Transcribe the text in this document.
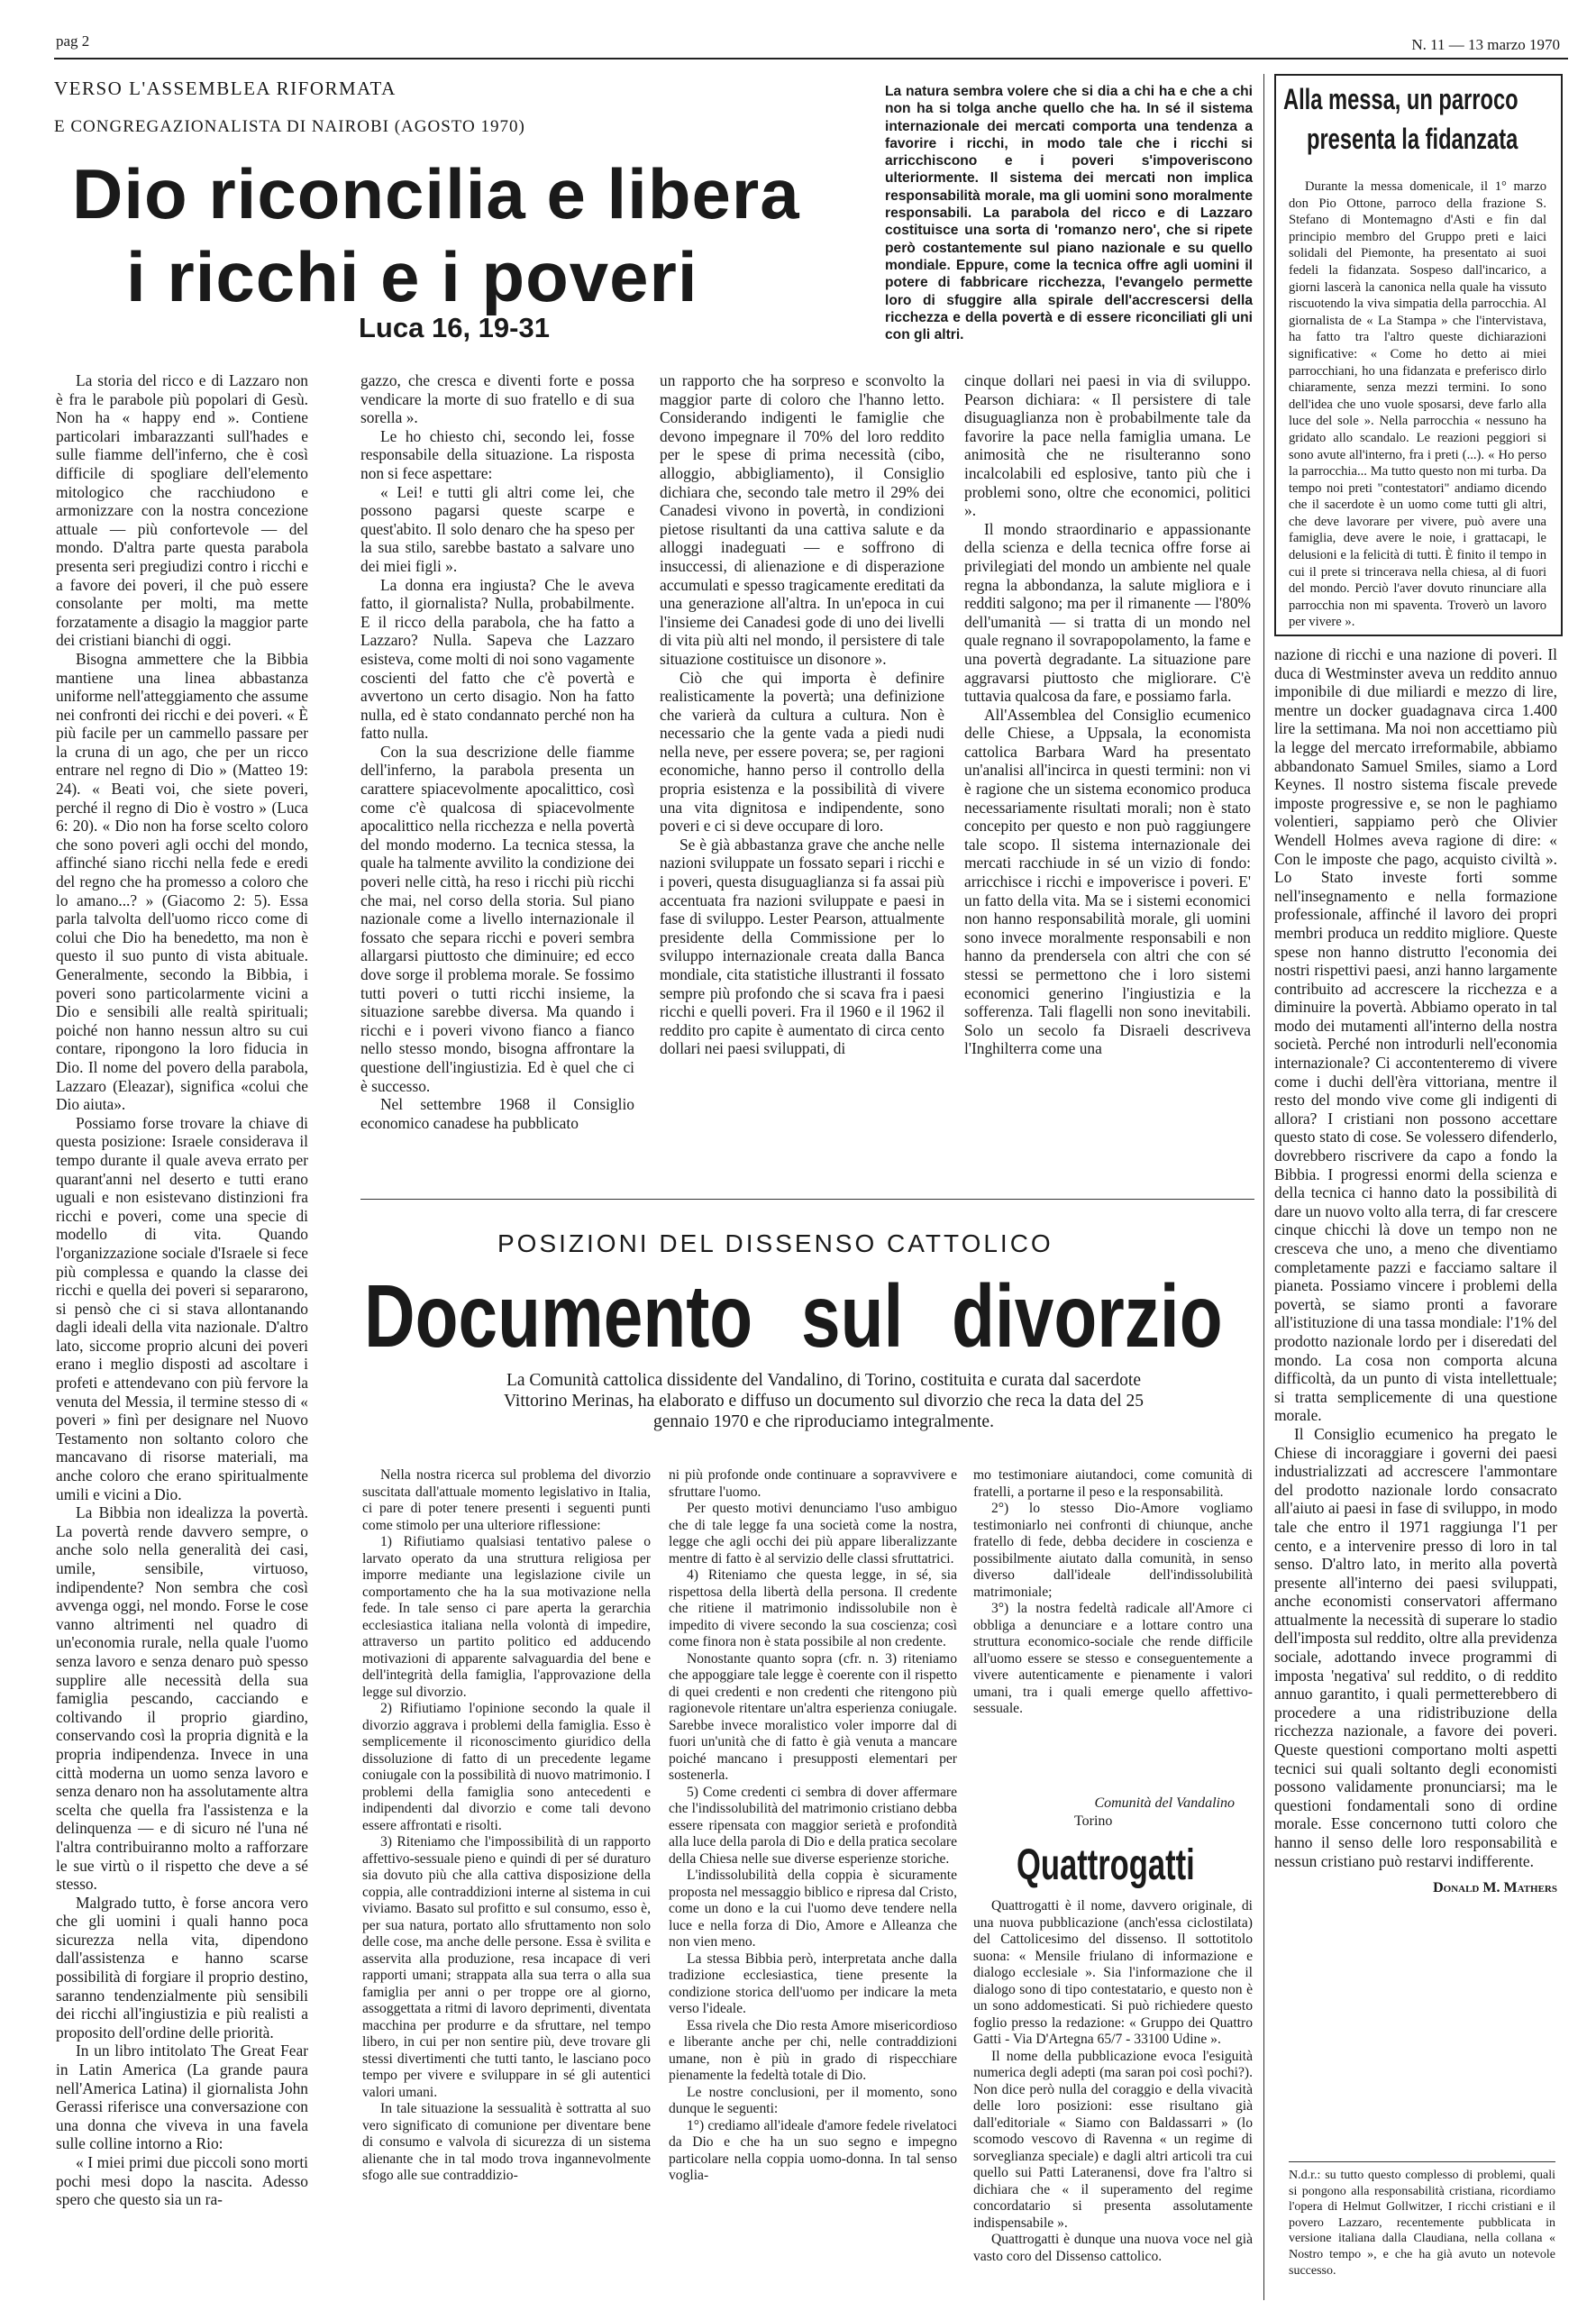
pag 2	N. 11 — 13 marzo 1970
VERSO L'ASSEMBLEA RIFORMATA
E CONGREGAZIONALISTA DI NAIROBI (AGOSTO 1970)
Dio riconcilia e libera
i ricchi e i poveri
Luca 16, 19-31
La natura sembra volere che si dia a chi ha e che a chi non ha si tolga anche quello che ha. In sé il sistema internazionale dei mercati comporta una tendenza a favorire i ricchi, in modo tale che i ricchi si arricchiscono e i poveri s'impoveriscono ulteriormente. Il sistema dei mercati non implica responsabilità morale, ma gli uomini sono moralmente responsabili. La parabola del ricco e di Lazzaro costituisce una sorta di 'romanzo nero', che si ripete però costantemente sul piano nazionale e su quello mondiale. Eppure, come la tecnica offre agli uomini il potere di fabbricare ricchezza, l'evangelo permette loro di sfuggire alla spirale dell'accrescersi della ricchezza e della povertà e di essere riconciliati gli uni con gli altri.
Alla messa, un parroco
presenta la fidanzata
Durante la messa domenicale, il 1° marzo don Pio Ottone, parroco della frazione S. Stefano di Montemagno d'Asti e fin dal principio membro del Gruppo preti e laici solidali del Piemonte, ha presentato ai suoi fedeli la fidanzata. Sospeso dall'incarico, a giorni lascerà la canonica nella quale ha vissuto riscuotendo la viva simpatia della parrocchia. Al giornalista de « La Stampa » che l'intervistava, ha fatto tra l'altro queste dichiarazioni significative: « Come ho detto ai miei parrocchiani, ho una fidanzata e preferisco dirlo chiaramente, senza mezzi termini. Io sono dell'idea che uno vuole sposarsi, deve farlo alla luce del sole ». Nella parrocchia « nessuno ha gridato allo scandalo. Le reazioni peggiori si sono avute all'interno, fra i preti (...). « Ho perso la parrocchia... Ma tutto questo non mi turba. Da tempo noi preti "contestatori" andiamo dicendo che il sacerdote è un uomo come tutti gli altri, che deve lavorare per vivere, può avere una famiglia, deve avere le noie, i grattacapi, le delusioni e la felicità di tutti. È finito il tempo in cui il prete si trincerava nella chiesa, al di fuori del mondo. Perciò l'aver dovuto rinunciare alla parrocchia non mi spaventa. Troverò un lavoro per vivere ».

La storia del ricco e di Lazzaro non è fra le parabole più popolari di Gesù. Non ha « happy end ». Contiene particolari imbarazzanti sull'hades e sulle fiamme dell'inferno, che è così difficile di spogliare dell'elemento mitologico che racchiudono e armonizzare con la nostra concezione attuale — più confortevole — del mondo. D'altra parte questa parabola presenta seri pregiudizi contro i ricchi e a favore dei poveri, il che può essere consolante per molti, ma mette forzatamente a disagio la maggior parte dei cristiani bianchi di oggi.

Bisogna ammettere che la Bibbia mantiene una linea abbastanza uniforme nell'atteggiamento che assume nei confronti dei ricchi e dei poveri. « È più facile per un cammello passare per la cruna di un ago, che per un ricco entrare nel regno di Dio » (Matteo 19: 24). « Beati voi, che siete poveri, perché il regno di Dio è vostro » (Luca 6: 20). « Dio non ha forse scelto coloro che sono poveri agli occhi del mondo, affinché siano ricchi nella fede e eredi del regno che ha promesso a coloro che lo amano...? » (Giacomo 2: 5). Essa parla talvolta dell'uomo ricco come di colui che Dio ha benedetto, ma non è questo il suo punto di vista abituale. Generalmente, secondo la Bibbia, i poveri sono particolarmente vicini a Dio e sensibili alle realtà spirituali; poiché non hanno nessun altro su cui contare, ripongono la loro fiducia in Dio. Il nome del povero della parabola, Lazzaro (Eleazar), significa «colui che Dio aiuta».

Possiamo forse trovare la chiave di questa posizione: Israele considerava il tempo durante il quale aveva errato per quarant'anni nel deserto e tutti erano uguali e non esistevano distinzioni fra ricchi e poveri, come una specie di modello di vita. Quando l'organizzazione sociale d'Israele si fece più complessa e quando la classe dei ricchi e quella dei poveri si separarono, si pensò che ci si stava allontanando dagli ideali della vita nazionale. D'altro lato, siccome proprio alcuni dei poveri erano i meglio disposti ad ascoltare i profeti e attendevano con più fervore la venuta del Messia, il termine stesso di « poveri » finì per designare nel Nuovo Testamento non soltanto coloro che mancavano di risorse materiali, ma anche coloro che erano spiritualmente umili e vicini a Dio.

La Bibbia non idealizza la povertà. La povertà rende davvero sempre, o anche solo nella generalità dei casi, umile, sensibile, virtuoso, indipendente? Non sembra che così avvenga oggi, nel mondo. Forse le cose vanno altrimenti nel quadro di un'economia rurale, nella quale l'uomo senza lavoro e senza denaro può spesso supplire alle necessità della sua famiglia pescando, cacciando e coltivando il proprio giardino, conservando così la propria dignità e la propria indipendenza. Invece in una città moderna un uomo senza lavoro e senza denaro non ha assolutamente altra scelta che quella fra l'assistenza e la delinquenza — e di sicuro né l'una né l'altra contribuiranno molto a rafforzare le sue virtù o il rispetto che deve a sé stesso.

Malgrado tutto, è forse ancora vero che gli uomini i quali hanno poca sicurezza nella vita, dipendono dall'assistenza e hanno scarse possibilità di forgiare il proprio destino, saranno tendenzialmente più sensibili dei ricchi all'ingiustizia e più realisti a proposito dell'ordine delle priorità.

In un libro intitolato The Great Fear in Latin America (La grande paura nell'America Latina) il giornalista John Gerassi riferisce una conversazione con una donna che viveva in una favela sulle colline intorno a Rio:

« I miei primi due piccoli sono morti pochi mesi dopo la nascita. Adesso spero che questo sia un ra-

gazzo, che cresca e diventi forte e possa vendicare la morte di suo fratello e di sua sorella ».

Le ho chiesto chi, secondo lei, fosse responsabile della situazione. La risposta non si fece aspettare:

« Lei! e tutti gli altri come lei, che possono pagarsi queste scarpe e quest'abito. Il solo denaro che ha speso per la sua stilo, sarebbe bastato a salvare uno dei miei figli ».

La donna era ingiusta? Che le aveva fatto, il giornalista? Nulla, probabilmente. E il ricco della parabola, che ha fatto a Lazzaro? Nulla. Sapeva che Lazzaro esisteva, come molti di noi sono vagamente coscienti del fatto che c'è povertà e avvertono un certo disagio. Non ha fatto nulla, ed è stato condannato perché non ha fatto nulla.

Con la sua descrizione delle fiamme dell'inferno, la parabola presenta un carattere spiacevolmente apocalittico, così come c'è qualcosa di spiacevolmente apocalittico nella ricchezza e nella povertà del mondo moderno. La tecnica stessa, la quale ha talmente avvilito la condizione dei poveri nelle città, ha reso i ricchi più ricchi che mai, nel corso della storia. Sul piano nazionale come a livello internazionale il fossato che separa ricchi e poveri sembra allargarsi piuttosto che diminuire; ed ecco dove sorge il problema morale. Se fossimo tutti poveri o tutti ricchi insieme, la situazione sarebbe diversa. Ma quando i ricchi e i poveri vivono fianco a fianco nello stesso mondo, bisogna affrontare la questione dell'ingiustizia. Ed è quel che ci è successo.

Nel settembre 1968 il Consiglio economico canadese ha pubblicato

un rapporto che ha sorpreso e sconvolto la maggior parte di coloro che l'hanno letto. Considerando indigenti le famiglie che devono impegnare il 70% del loro reddito per le spese di prima necessità (cibo, alloggio, abbigliamento), il Consiglio dichiara che, secondo tale metro il 29% dei Canadesi vivono in povertà, in condizioni pietose risultanti da una cattiva salute e da alloggi inadeguati — e soffrono di insuccessi, di alienazione e di disperazione accumulati e spesso tragicamente ereditati da una generazione all'altra. In un'epoca in cui l'insieme dei Canadesi gode di uno dei livelli di vita più alti nel mondo, il persistere di tale situazione costituisce un disonore ».

Ciò che qui importa è definire realisticamente la povertà; una definizione che varierà da cultura a cultura. Non è necessario che la gente vada a piedi nudi nella neve, per essere povera; se, per ragioni economiche, hanno perso il controllo della propria esistenza e la possibilità di vivere una vita dignitosa e indipendente, sono poveri e ci si deve occupare di loro.

Se è già abbastanza grave che anche nelle nazioni sviluppate un fossato separi i ricchi e i poveri, questa disuguaglianza si fa assai più accentuata fra nazioni sviluppate e paesi in fase di sviluppo. Lester Pearson, attualmente presidente della Commissione per lo sviluppo internazionale creata dalla Banca mondiale, cita statistiche illustranti il fossato sempre più profondo che si scava fra i paesi ricchi e quelli poveri. Fra il 1960 e il 1962 il reddito pro capite è aumentato di circa cento dollari nei paesi sviluppati, di

cinque dollari nei paesi in via di sviluppo. Pearson dichiara: « Il persistere di tale disuguaglianza non è probabilmente tale da favorire la pace nella famiglia umana. Le animosità che ne risulteranno sono incalcolabili ed esplosive, tanto più che i problemi sono, oltre che economici, politici ».

Il mondo straordinario e appassionante della scienza e della tecnica offre forse ai privilegiati del mondo un ambiente nel quale regna la abbondanza, la salute migliora e i redditi salgono; ma per il rimanente — l'80% dell'umanità — si tratta di un mondo nel quale regnano il sovrapopolamento, la fame e una povertà degradante. La situazione pare aggravarsi piuttosto che migliorare. C'è tuttavia qualcosa da fare, e possiamo farla.

All'Assemblea del Consiglio ecumenico delle Chiese, a Uppsala, la economista cattolica Barbara Ward ha presentato un'analisi all'incirca in questi termini: non vi è ragione che un sistema economico produca necessariamente risultati morali; non è stato concepito per questo e non può raggiungere tale scopo. Il sistema internazionale dei mercati racchiude in sé un vizio di fondo: arricchisce i ricchi e impoverisce i poveri. E' un fatto della vita. Ma se i sistemi economici non hanno responsabilità morale, gli uomini sono invece moralmente responsabili e non hanno da prendersela con altri che con sé stessi se permettono che i loro sistemi economici generino l'ingiustizia e la sofferenza. Tali flagelli non sono inevitabili. Solo un secolo fa Disraeli descriveva l'Inghilterra come una

nazione di ricchi e una nazione di poveri. Il duca di Westminster aveva un reddito annuo imponibile di due miliardi e mezzo di lire, mentre un docker guadagnava circa 1.400 lire la settimana. Ma noi non accettiamo più la legge del mercato irreformabile, abbiamo abbandonato Samuel Smiles, siamo a Lord Keynes. Il nostro sistema fiscale prevede imposte progressive e, se non le paghiamo volentieri, sappiamo però che Olivier Wendell Holmes aveva ragione di dire: « Con le imposte che pago, acquisto civiltà ». Lo Stato investe forti somme nell'insegnamento e nella formazione professionale, affinché il lavoro dei propri membri produca un reddito migliore. Queste spese non hanno distrutto l'economia dei nostri rispettivi paesi, anzi hanno largamente contribuito ad accrescere la ricchezza e a diminuire la povertà. Abbiamo operato in tal modo dei mutamenti all'interno della nostra società. Perché non introdurli nell'economia internazionale? Ci accontenteremo di vivere come i duchi dell'èra vittoriana, mentre il resto del mondo vive come gli indigenti di allora? I cristiani non possono accettare questo stato di cose. Se volessero difenderlo, dovrebbero riscrivere da capo a fondo la Bibbia. I progressi enormi della scienza e della tecnica ci hanno dato la possibilità di dare un nuovo volto alla terra, di far crescere cinque chicchi là dove un tempo non ne cresceva che uno, a meno che diventiamo completamente pazzi e facciamo saltare il pianeta. Possiamo vincere i problemi della povertà, se siamo pronti a favorare all'istituzione di una tassa mondiale: l'1% del prodotto nazionale lordo per i diseredati del mondo. La cosa non comporta alcuna difficoltà, da un punto di vista intellettuale; si tratta semplicemente di una questione morale.

Il Consiglio ecumenico ha pregato le Chiese di incoraggiare i governi dei paesi industrializzati ad accrescere l'ammontare del prodotto nazionale lordo consacrato all'aiuto ai paesi in fase di sviluppo, in modo tale che entro il 1971 raggiunga l'1 per cento, e a intervenire presso di loro in tal senso. D'altro lato, in merito alla povertà presente all'interno dei paesi sviluppati, anche economisti conservatori affermano attualmente la necessità di superare lo stadio dell'imposta sul reddito, oltre alla previdenza sociale, adottando invece programmi di imposta 'negativa' sul reddito, o di reddito annuo garantito, i quali permetterebbero di procedere a una ridistribuzione della ricchezza nazionale, a favore dei poveri. Queste questioni comportano molti aspetti tecnici sui quali soltanto degli economisti possono validamente pronunciarsi; ma le questioni fondamentali sono di ordine morale. Esse concernono tutti coloro che hanno il senso delle loro responsabilità e nessun cristiano può restarvi indifferente.

Donald M. Mathers
N.d.r.: su tutto questo complesso di problemi, quali si pongono alla responsabilità cristiana, ricordiamo l'opera di Helmut Gollwitzer, I ricchi cristiani e il povero Lazzaro, recentemente pubblicata in versione italiana dalla Claudiana, nella collana « Nostro tempo », e che ha già avuto un notevole successo.
POSIZIONI DEL DISSENSO CATTOLICO
Documento sul divorzio
La Comunità cattolica dissidente del Vandalino, di Torino, costituita e curata dal sacerdote Vittorino Merinas, ha elaborato e diffuso un documento sul divorzio che reca la data del 25 gennaio 1970 e che riproduciamo integralmente.

Nella nostra ricerca sul problema del divorzio suscitata dall'attuale momento legislativo in Italia, ci pare di poter tenere presenti i seguenti punti come stimolo per una ulteriore riflessione:

1) Rifiutiamo qualsiasi tentativo palese o larvato operato da una struttura religiosa per imporre mediante una legislazione civile un comportamento che ha la sua motivazione nella fede. In tale senso ci pare aperta la gerarchia ecclesiastica italiana nella volontà di impedire, attraverso un partito politico ed adducendo motivazioni di apparente salvaguardia del bene e dell'integrità della famiglia, l'approvazione della legge sul divorzio.

2) Rifiutiamo l'opinione secondo la quale il divorzio aggrava i problemi della famiglia. Esso è semplicemente il riconoscimento giuridico della dissoluzione di fatto di un precedente legame coniugale con la possibilità di nuovo matrimonio. I problemi della famiglia sono antecedenti e indipendenti dal divorzio e come tali devono essere affrontati e risolti.

3) Riteniamo che l'impossibilità di un rapporto affettivo-sessuale pieno e quindi di per sé duraturo sia dovuto più che alla cattiva disposizione della coppia, alle contraddizioni interne al sistema in cui viviamo. Basato sul profitto e sul consumo, esso è, per sua natura, portato allo sfruttamento non solo delle cose, ma anche delle persone. Essa è svilita e asservita alla produzione, resa incapace di veri rapporti umani; strappata alla sua terra o alla sua famiglia per anni o per troppe ore al giorno, assoggettata a ritmi di lavoro deprimenti, diventata macchina per produrre e da sfruttare, nel tempo libero, in cui per non sentire più, deve trovare gli stessi divertimenti che tutti tanto, le lasciano poco tempo per vivere e sviluppare in sé gli autentici valori umani.

In tale situazione la sessualità è sottratta al suo vero significato di comunione per diventare bene di consumo e valvola di sicurezza di un sistema alienante che in tal modo trova ingannevolmente sfogo alle sue contraddizio-

ni più profonde onde continuare a sopravvivere e sfruttare l'uomo.

Per questo motivi denunciamo l'uso ambiguo che di tale legge fa una società come la nostra, legge che agli occhi dei più appare liberalizzante mentre di fatto è al servizio delle classi sfruttatrici.

4) Riteniamo che questa legge, in sé, sia rispettosa della libertà della persona. Il credente che ritiene il matrimonio indissolubile non è impedito di vivere secondo la sua coscienza; così come finora non è stata possibile al non credente.

Nonostante quanto sopra (cfr. n. 3) riteniamo che appoggiare tale legge è coerente con il rispetto di quei credenti e non credenti che ritengono più ragionevole ritentare un'altra esperienza coniugale. Sarebbe invece moralistico voler imporre dal di fuori un'unità che di fatto è già venuta a mancare poiché mancano i presupposti elementari per sostenerla.

5) Come credenti ci sembra di dover affermare che l'indissolubilità del matrimonio cristiano debba essere ripensata con maggior serietà e profondità alla luce della parola di Dio e della pratica secolare della Chiesa nelle sue diverse esperienze storiche.

L'indissolubilità della coppia è sicuramente proposta nel messaggio biblico e ripresa dal Cristo, come un dono e la cui l'uomo deve tendere nella luce e nella forza di Dio, Amore e Alleanza che non vien meno.

La stessa Bibbia però, interpretata anche dalla tradizione ecclesiastica, tiene presente la condizione storica dell'uomo per indicare la meta verso l'ideale.

Essa rivela che Dio resta Amore misericordioso e liberante anche per chi, nelle contraddizioni umane, non è più in grado di rispecchiare pienamente la fedeltà totale di Dio.

Le nostre conclusioni, per il momento, sono dunque le seguenti:

1°) crediamo all'ideale d'amore fedele rivelatoci da Dio e che ha un suo segno e impegno particolare nella coppia uomo-donna. In tal senso voglia-

mo testimoniare aiutandoci, come comunità di fratelli, a portarne il peso e la responsabilità.

2°) lo stesso Dio-Amore vogliamo testimoniarlo nei confronti di chiunque, anche fratello di fede, debba decidere in coscienza e possibilmente aiutato dalla comunità, in senso diverso dall'ideale dell'indissolubilità matrimoniale;

3°) la nostra fedeltà radicale all'Amore ci obbliga a denunciare e a lottare contro una struttura economico-sociale che rende difficile all'uomo essere se stesso e conseguentemente a vivere autenticamente e pienamente i valori umani, tra i quali emerge quello affettivo-sessuale.

Comunità del Vandalino
Torino
Quattrogatti

Quattrogatti è il nome, davvero originale, di una nuova pubblicazione (anch'essa ciclostilata) del Cattolicesimo del dissenso. Il sottotitolo suona: « Mensile friulano di informazione e dialogo ecclesiale ». Sia l'informazione che il dialogo sono di tipo contestatario, e questo non è un sono addomesticati. Si può richiedere questo foglio presso la redazione: « Gruppo dei Quattro Gatti - Via D'Artegna 65/7 - 33100 Udine ».

Il nome della pubblicazione evoca l'esiguità numerica degli adepti (ma saran poi così pochi?). Non dice però nulla del coraggio e della vivacità delle loro posizioni: esse risultano già dall'editoriale « Siamo con Baldassarri » (lo scomodo vescovo di Ravenna « un regime di sorveglianza speciale) e dagli altri articoli tra cui quello sui Patti Lateranensi, dove fra l'altro si dichiara che « il superamento del regime concordatario si presenta assolutamente indispensabile ».

Quattrogatti è dunque una nuova voce nel già vasto coro del Dissenso cattolico.
